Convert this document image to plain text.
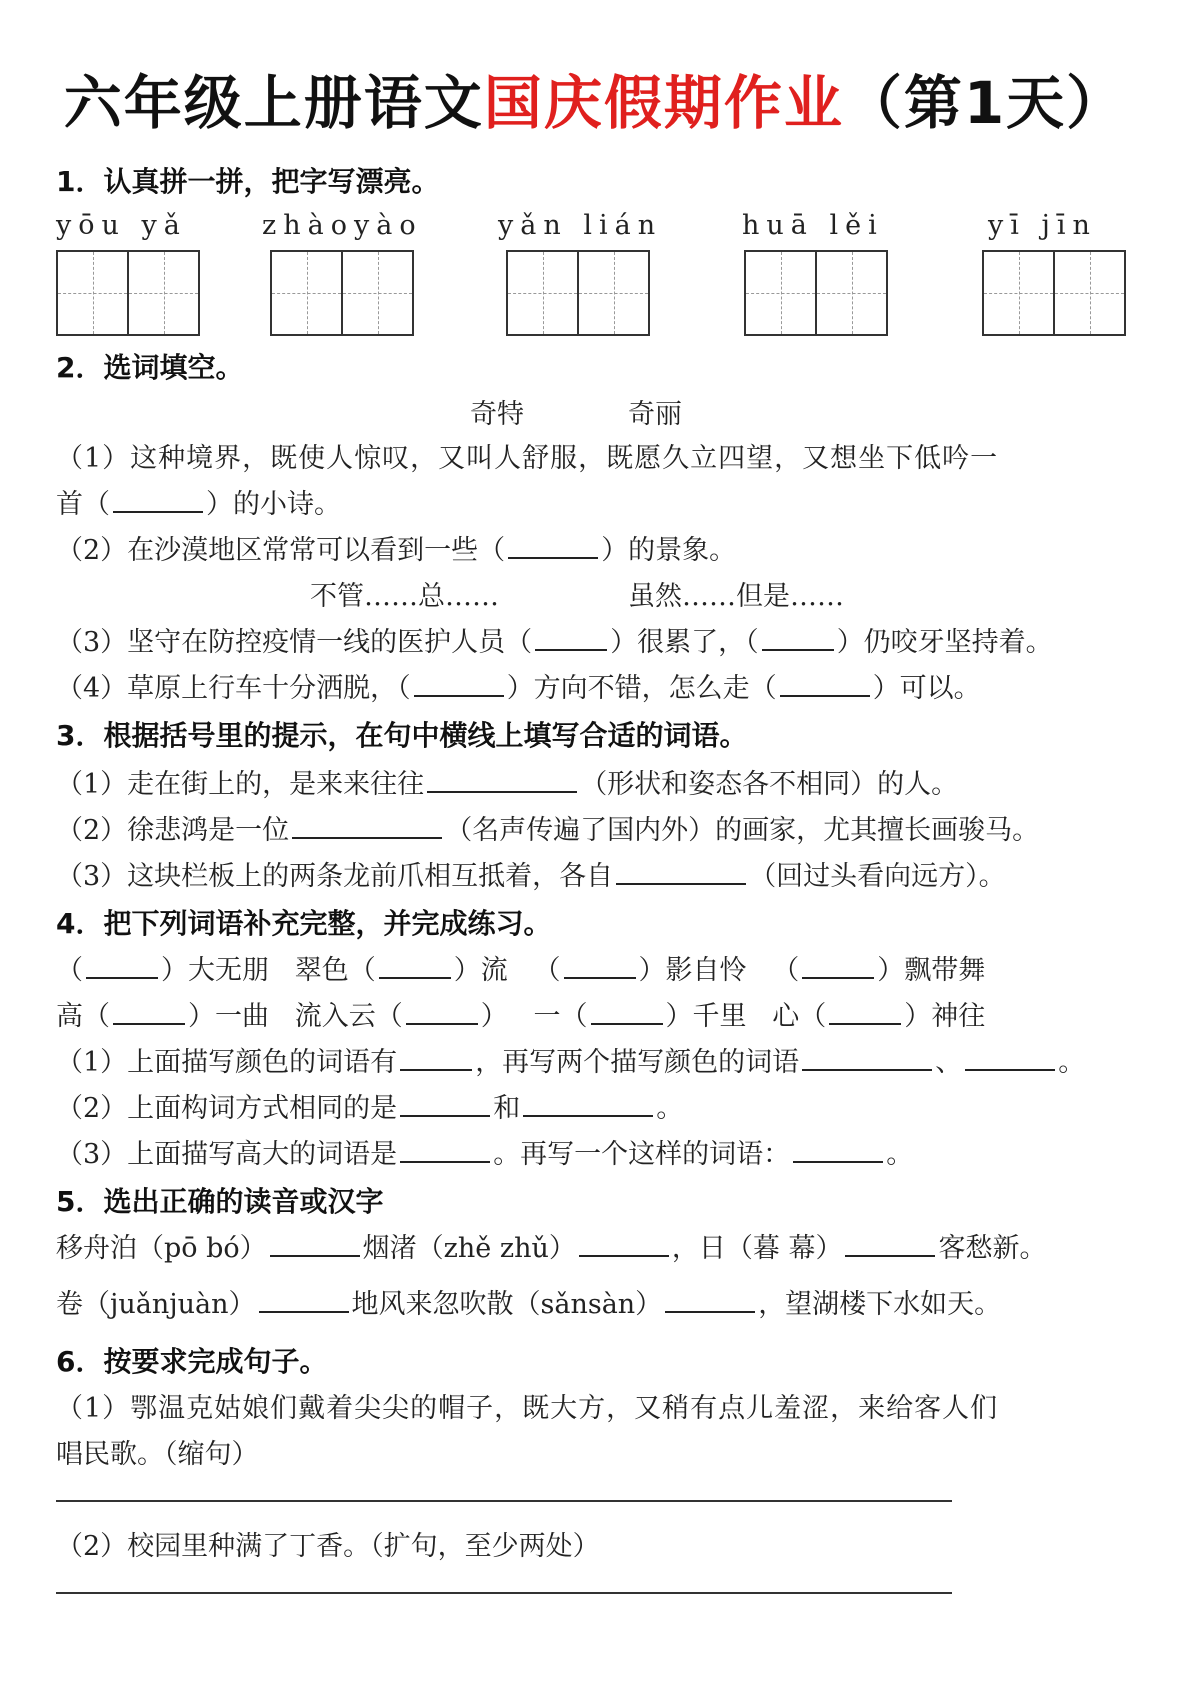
六年级上册语文国庆假期作业（第1天）
1．认真拼一拼，把字写漂亮。
yōu yǎ	zhàoyào	yǎn lián	huā lěi	yī jīn
2．选词填空。
奇特	奇丽
（1）这种境界，既使人惊叹，又叫人舒服，既愿久立四望，又想坐下低吟一
首（	）的小诗。
（2）在沙漠地区常常可以看到一些（	）的景象。
不管……总……	虽然……但是……
（3）坚守在防控疫情一线的医护人员（	）很累了，（	）仍咬牙坚持着。
（4）草原上行车十分洒脱，（	）方向不错，怎么走（	）可以。
3．根据括号里的提示，在句中横线上填写合适的词语。
（1）走在街上的，是来来往往	（形状和姿态各不相同）的人。
（2）徐悲鸿是一位	（名声传遍了国内外）的画家，尤其擅长画骏马。
（3）这块栏板上的两条龙前爪相互抵着，各自	（回过头看向远方）。
4．把下列词语补充完整，并完成练习。
（	）大无朋 翠色（	）流   （	）影自怜   （	）飘带舞
高（	）一曲 流入云（	）   一（	）千里 心（	）神往
（1）上面描写颜色的词语有	，再写两个描写颜色的词语	、	。
（2）上面构词方式相同的是	和	。
（3）上面描写高大的词语是	。再写一个这样的词语：	。
5．选出正确的读音或汉字
移舟泊（pō bó）	烟渚（zhě zhǔ）	，日（暮 幕）	客愁新。
卷（juǎnjuàn）	地风来忽吹散（sǎnsàn）	，望湖楼下水如天。
6．按要求完成句子。
（1）鄂温克姑娘们戴着尖尖的帽子，既大方，又稍有点儿羞涩，来给客人们
唱民歌。（缩句）
（2）校园里种满了丁香。（扩句，至少两处）
